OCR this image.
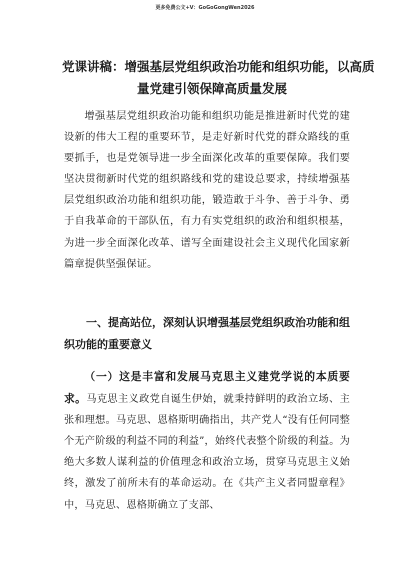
更多免费公文+V：GoGoGongWen2026
党课讲稿：增强基层党组织政治功能和组织功能，以高质
量党建引领保障高质量发展

增强基层党组织政治功能和组织功能是推进新时代党的建设新的伟大工程的重要环节，是走好新时代党的群众路线的重要抓手，也是党领导进一步全面深化改革的重要保障。我们要坚决贯彻新时代党的组织路线和党的建设总要求，持续增强基层党组织政治功能和组织功能，锻造敢于斗争、善于斗争、勇于自我革命的干部队伍，有力有实党组织的政治和组织根基，为进一步全面深化改革、谱写全面建设社会主义现代化国家新篇章提供坚强保证。

一、提高站位，深刻认识增强基层党组织政治功能和组织功能的重要意义

（一）这是丰富和发展马克思主义建党学说的本质要求。马克思主义政党自诞生伊始，就秉持鲜明的政治立场、主张和理想。马克思、恩格斯明确指出，共产党人“没有任何同整个无产阶级的利益不同的利益”，始终代表整个阶级的利益。为绝大多数人谋利益的价值理念和政治立场，贯穿马克思主义始终，激发了前所未有的革命运动。在《共产主义者同盟章程》中，马克思、恩格斯确立了支部、
